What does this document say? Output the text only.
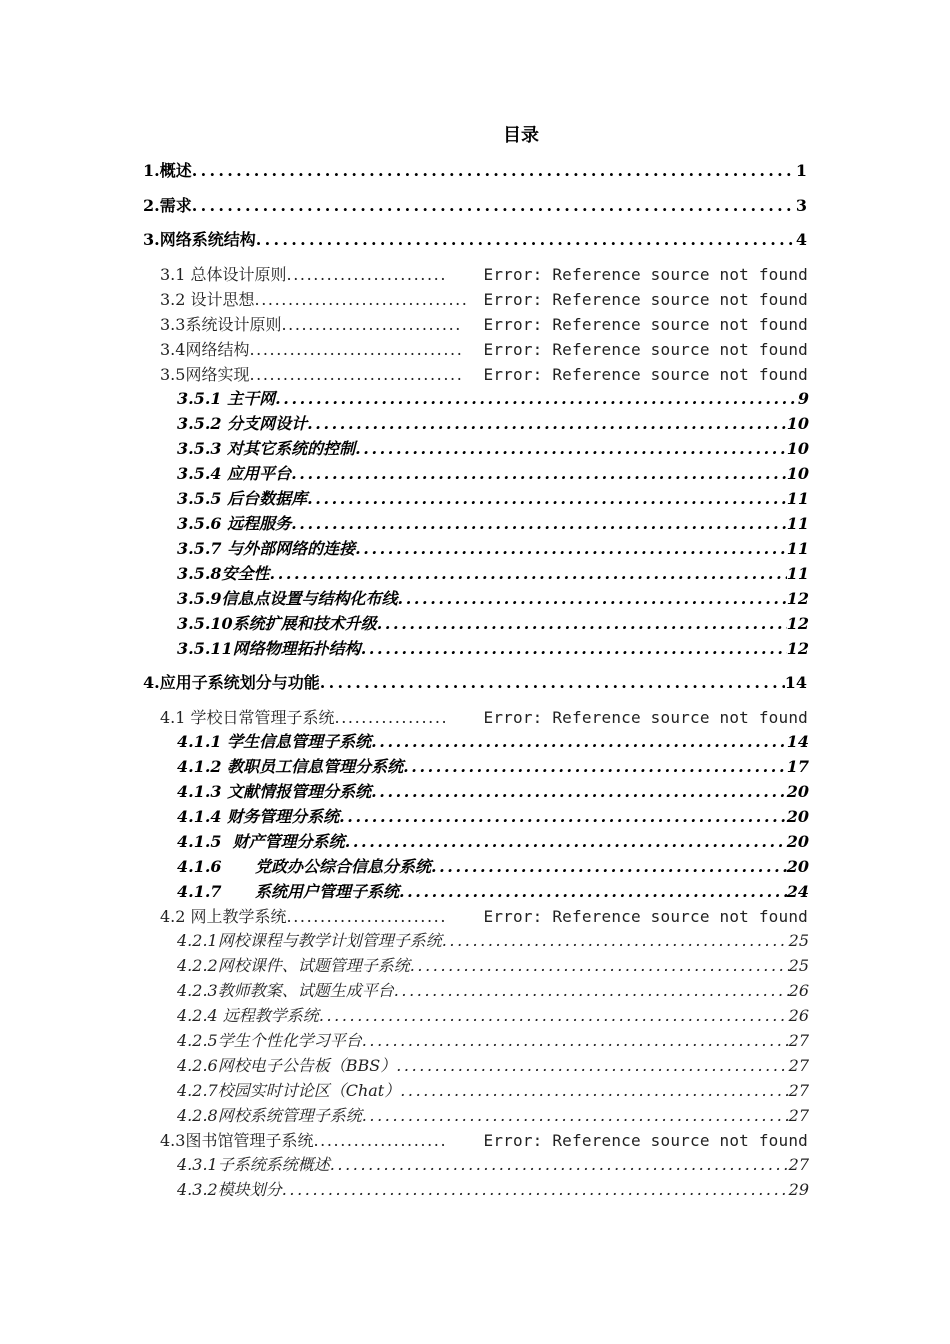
目录
1.概述 .....	1
2.需求 .....	3
3.网络系统结构 .....	4
3.1 总体设计原则 .....	Error: Reference source not found
3.2 设计思想 .....	Error: Reference source not found
3.3系统设计原则 .....	Error: Reference source not found
3.4网络结构 .....	Error: Reference source not found
3.5网络实现 .....	Error: Reference source not found
3.5.1 主干网 .....	9
3.5.2 分支网设计 .....	10
3.5.3 对其它系统的控制 .....	10
3.5.4 应用平台 .....	10
3.5.5 后台数据库 .....	11
3.5.6 远程服务 .....	11
3.5.7 与外部网络的连接 .....	11
3.5.8安全性 .....	11
3.5.9信息点设置与结构化布线 .....	12
3.5.10系统扩展和技术升级 .....	12
3.5.11网络物理拓扑结构 .....	12
4.应用子系统划分与功能 .....	14
4.1 学校日常管理子系统 .....	Error: Reference source not found
4.1.1 学生信息管理子系统 .....	14
4.1.2 教职员工信息管理分系统 .....	17
4.1.3 文献情报管理分系统 .....	20
4.1.4 财务管理分系统 .....	20
4.1.5  财产管理分系统 .....	20
4.1.6      党政办公综合信息分系统 .....	20
4.1.7      系统用户管理子系统 .....	24
4.2 网上教学系统 .....	Error: Reference source not found
4.2.1网校课程与教学计划管理子系统 .....	25
4.2.2网校课件、试题管理子系统 .....	25
4.2.3教师教案、试题生成平台 .....	26
4.2.4 远程教学系统 .....	26
4.2.5学生个性化学习平台 .....	27
4.2.6网校电子公告板（BBS） .....	27
4.2.7校园实时讨论区（Chat） .....	27
4.2.8网校系统管理子系统 .....	27
4.3图书馆管理子系统 .....	Error: Reference source not found
4.3.1子系统系统概述 .....	27
4.3.2模块划分 .....	29
